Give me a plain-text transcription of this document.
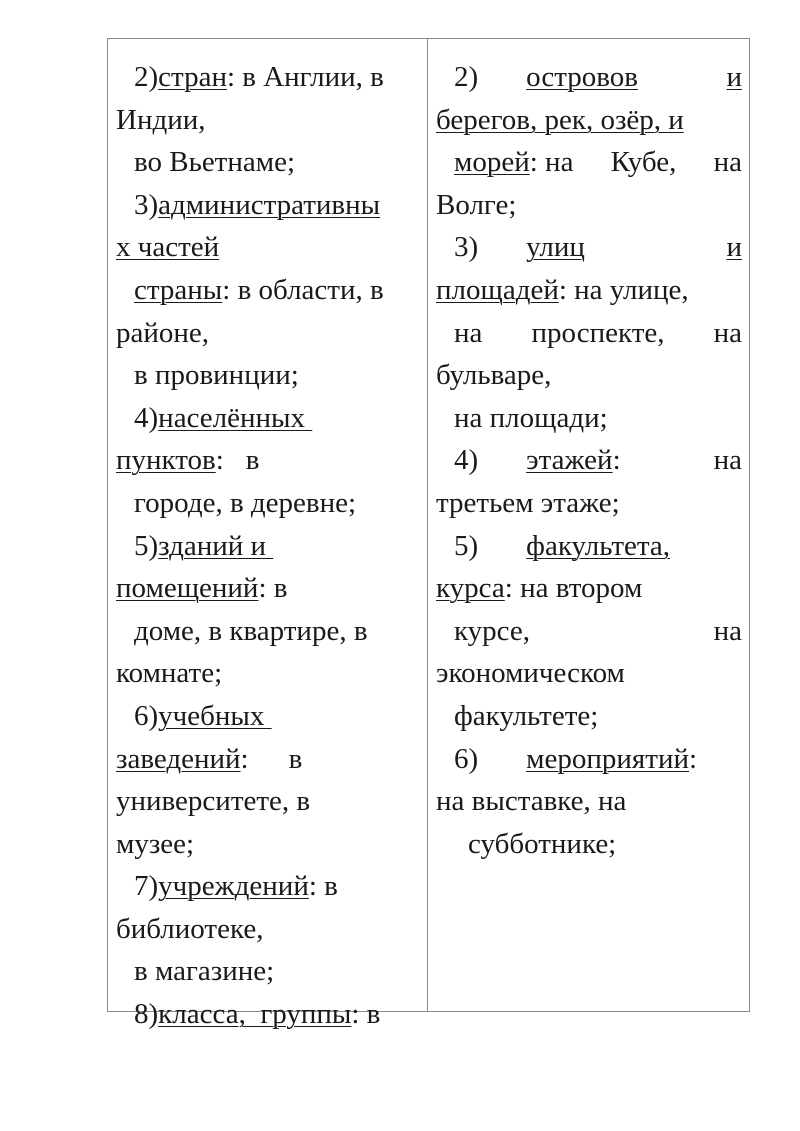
2)стран: в Англии, в
Индии,
во Вьетнаме;
3)административны
х частей
страны: в области, в
районе,
в провинции;
4)населённых
пунктов: в
городе, в деревне;
5)зданий и
помещений: в
доме, в квартире, в
комнате;
6)учебных
заведений: в
университете, в
музее;
7)учреждений: в
библиотеке,
в магазине;
8)класса,  группы: в
2) островов	и
берегов, рек, озёр, и
морей: на Кубе, на
Волге;
3) улиц	и
площадей: на улице,
на проспекте, на
бульваре,
на площади;
4) этажей:	на
третьем этаже;
5) факультета,
курса: на втором
курсе,	на
экономическом
факультете;
6) мероприятий:
на выставке, на
субботнике;
